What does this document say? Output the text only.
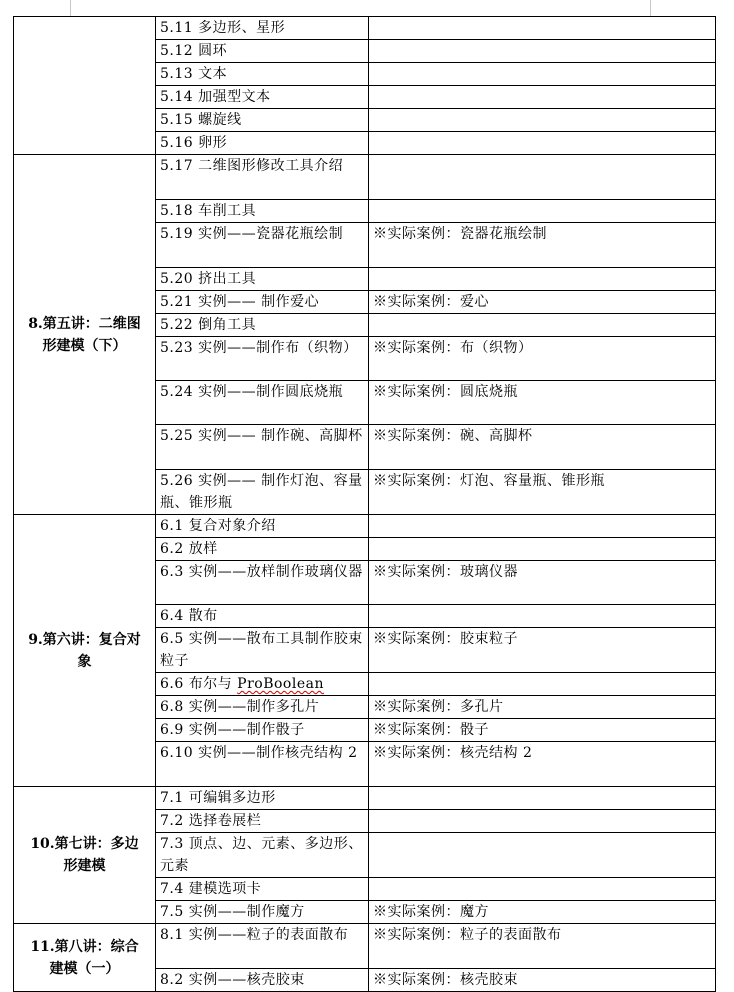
	5.11 多边形、星形	
	5.12 圆环	
	5.13 文本	
	5.14 加强型文本	
	5.15 螺旋线	
	5.16 卵形	
8.第五讲：二维图形建模（下）	5.17 二维图形修改工具介绍	
	5.18 车削工具	
	5.19 实例——瓷器花瓶绘制	※实际案例：瓷器花瓶绘制
	5.20 挤出工具	
	5.21 实例—— 制作爱心	※实际案例：爱心
	5.22 倒角工具	
	5.23 实例——制作布（织物）	※实际案例：布（织物）
	5.24 实例——制作圆底烧瓶	※实际案例：圆底烧瓶
	5.25 实例—— 制作碗、高脚杯	※实际案例：碗、高脚杯
	5.26 实例—— 制作灯泡、容量瓶、锥形瓶	※实际案例：灯泡、容量瓶、锥形瓶
9.第六讲：复合对象	6.1 复合对象介绍	
	6.2 放样	
	6.3 实例——放样制作玻璃仪器	※实际案例：玻璃仪器
	6.4 散布	
	6.5 实例——散布工具制作胶束粒子	※实际案例：胶束粒子
	6.6 布尔与 ProBoolean	
	6.8 实例——制作多孔片	※实际案例：多孔片
	6.9 实例——制作骰子	※实际案例：骰子
	6.10 实例——制作核壳结构 2	※实际案例：核壳结构 2
10.第七讲：多边形建模	7.1 可编辑多边形	
	7.2 选择卷展栏	
	7.3 顶点、边、元素、多边形、元素	
	7.4 建模选项卡	
	7.5 实例——制作魔方	※实际案例：魔方
11.第八讲：综合建模（一）	8.1 实例——粒子的表面散布	※实际案例：粒子的表面散布
	8.2 实例——核壳胶束	※实际案例：核壳胶束
